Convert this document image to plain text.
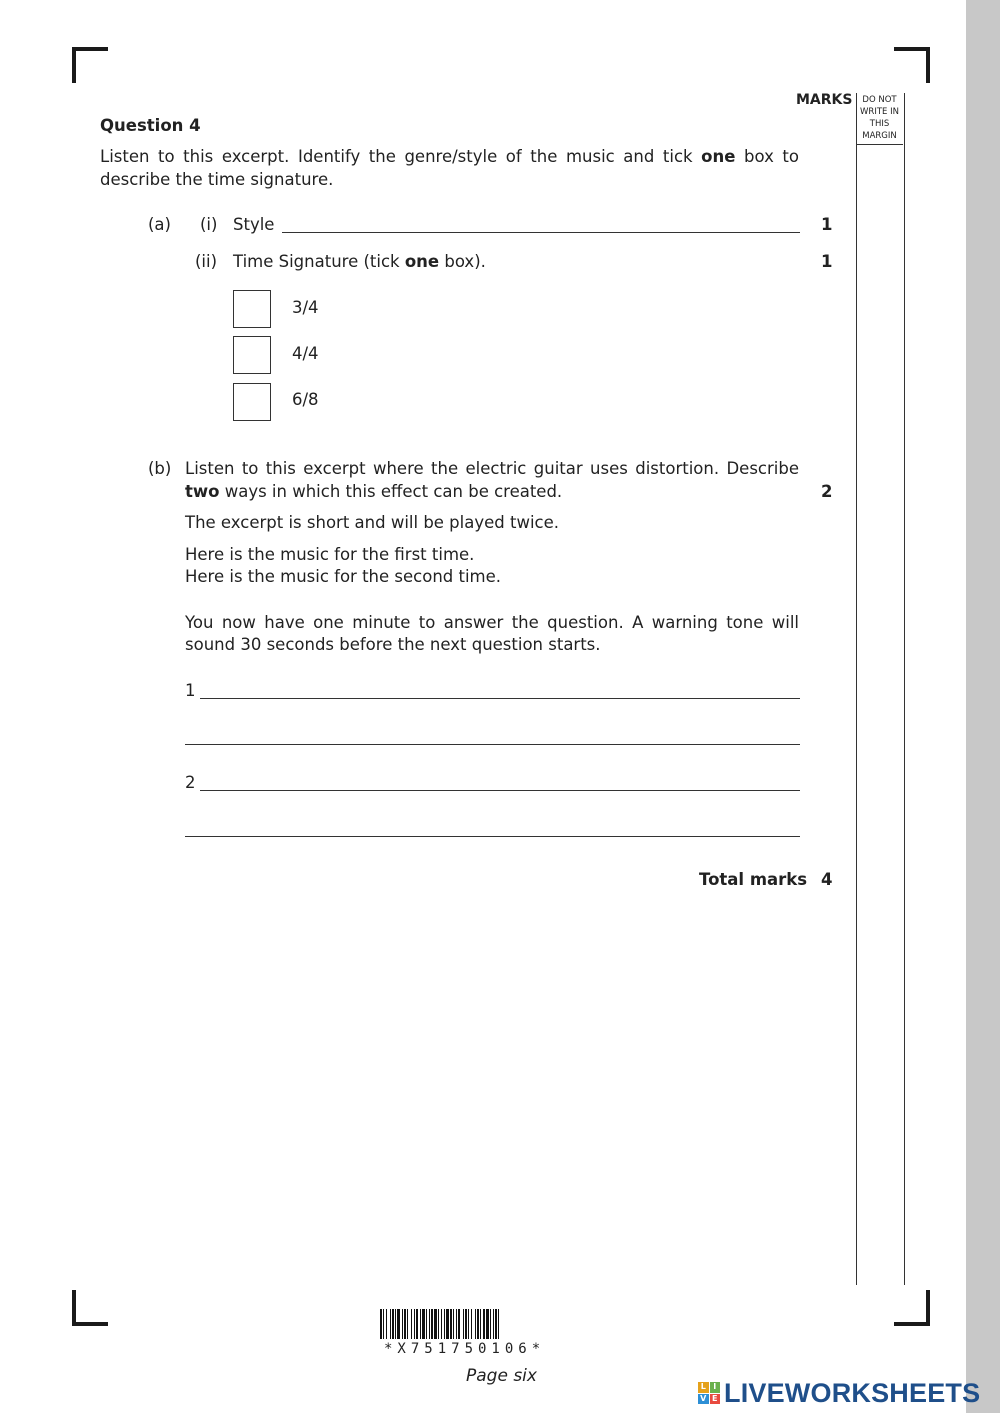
MARKS	DO NOT WRITE IN THIS MARGIN
Question 4
Listen to this excerpt. Identify the genre/style of the music and tick one box to
describe the time signature.
(a) (i) Style	1
(ii) Time Signature (tick one box).	1
3/4
4/4
6/8
(b) Listen to this excerpt where the electric guitar uses distortion. Describe
two ways in which this effect can be created.	2
The excerpt is short and will be played twice.
Here is the music for the first time.
Here is the music for the second time.
You now have one minute to answer the question. A warning tone will
sound 30 seconds before the next question starts.
1
2
Total marks 4
*X751750106*
Page six
L I
V E LIVEWORKSHEETS
